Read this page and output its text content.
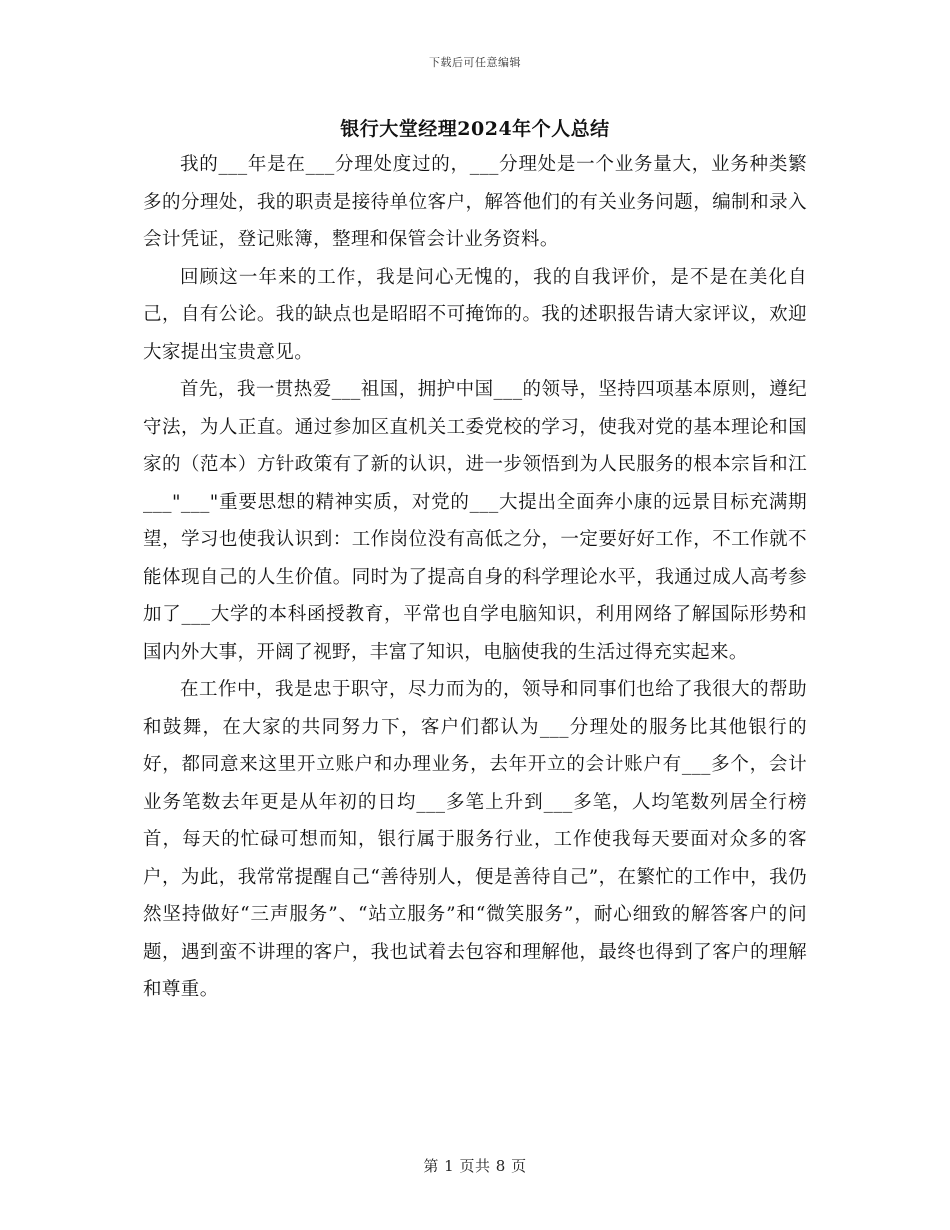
下载后可任意编辑
银行大堂经理2024年个人总结

我的___年是在___分理处度过的，___分理处是一个业务量大，业务种类繁多的分理处，我的职责是接待单位客户，解答他们的有关业务问题，编制和录入会计凭证，登记账簿，整理和保管会计业务资料。

回顾这一年来的工作，我是问心无愧的，我的自我评价，是不是在美化自己，自有公论。我的缺点也是昭昭不可掩饰的。我的述职报告请大家评议，欢迎大家提出宝贵意见。

首先，我一贯热爱___祖国，拥护中国___的领导，坚持四项基本原则，遵纪守法，为人正直。通过参加区直机关工委党校的学习，使我对党的基本理论和国家的（范本）方针政策有了新的认识，进一步领悟到为人民服务的根本宗旨和江___"___"重要思想的精神实质，对党的___大提出全面奔小康的远景目标充满期望，学习也使我认识到：工作岗位没有高低之分，一定要好好工作，不工作就不能体现自己的人生价值。同时为了提高自身的科学理论水平，我通过成人高考参加了___大学的本科函授教育，平常也自学电脑知识，利用网络了解国际形势和国内外大事，开阔了视野，丰富了知识，电脑使我的生活过得充实起来。

在工作中，我是忠于职守，尽力而为的，领导和同事们也给了我很大的帮助和鼓舞，在大家的共同努力下，客户们都认为___分理处的服务比其他银行的好，都同意来这里开立账户和办理业务，去年开立的会计账户有___多个，会计业务笔数去年更是从年初的日均___多笔上升到___多笔，人均笔数列居全行榜首，每天的忙碌可想而知，银行属于服务行业，工作使我每天要面对众多的客户，为此，我常常提醒自己“善待别人，便是善待自己”，在繁忙的工作中，我仍然坚持做好“三声服务”、“站立服务”和“微笑服务”，耐心细致的解答客户的问题，遇到蛮不讲理的客户，我也试着去包容和理解他，最终也得到了客户的理解和尊重。

第 1 页共 8 页
